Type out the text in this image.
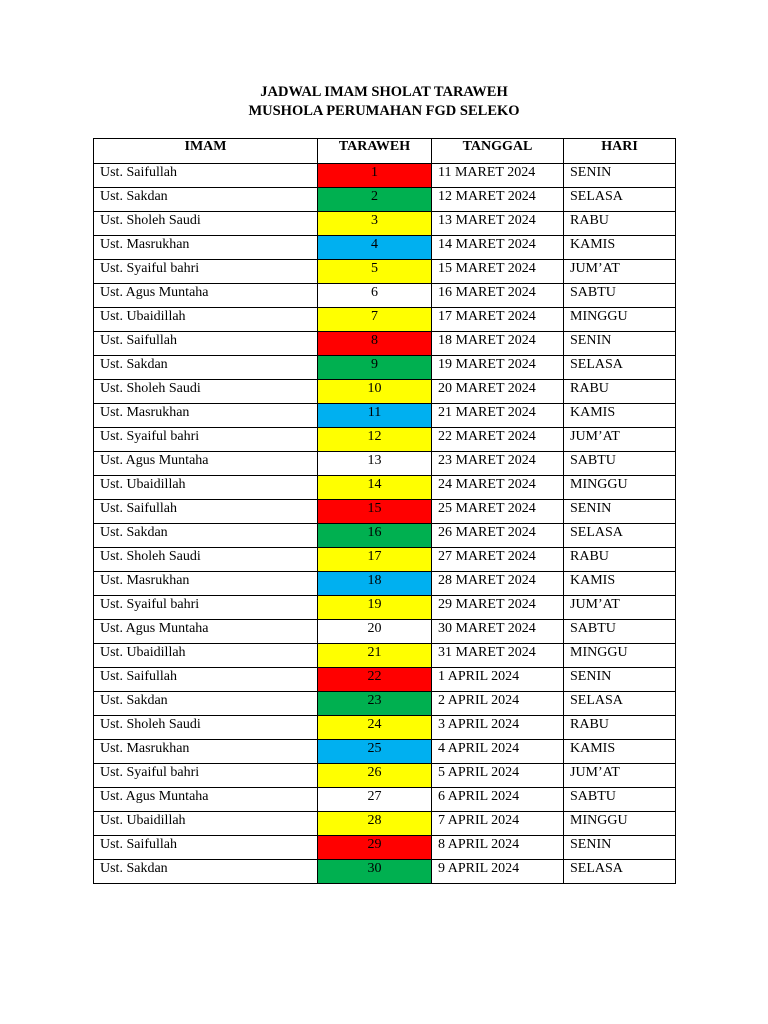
JADWAL IMAM SHOLAT TARAWEH
MUSHOLA PERUMAHAN FGD SELEKO
IMAM	TARAWEH	TANGGAL	HARI
Ust. Saifullah	1	11 MARET 2024	SENIN
Ust. Sakdan	2	12 MARET 2024	SELASA
Ust. Sholeh Saudi	3	13 MARET 2024	RABU
Ust. Masrukhan	4	14 MARET 2024	KAMIS
Ust. Syaiful bahri	5	15 MARET 2024	JUM’AT
Ust. Agus Muntaha	6	16 MARET 2024	SABTU
Ust. Ubaidillah	7	17 MARET 2024	MINGGU
Ust. Saifullah	8	18 MARET 2024	SENIN
Ust. Sakdan	9	19 MARET 2024	SELASA
Ust. Sholeh Saudi	10	20 MARET 2024	RABU
Ust. Masrukhan	11	21 MARET 2024	KAMIS
Ust. Syaiful bahri	12	22 MARET 2024	JUM’AT
Ust. Agus Muntaha	13	23 MARET 2024	SABTU
Ust. Ubaidillah	14	24 MARET 2024	MINGGU
Ust. Saifullah	15	25 MARET 2024	SENIN
Ust. Sakdan	16	26 MARET 2024	SELASA
Ust. Sholeh Saudi	17	27 MARET 2024	RABU
Ust. Masrukhan	18	28 MARET 2024	KAMIS
Ust. Syaiful bahri	19	29 MARET 2024	JUM’AT
Ust. Agus Muntaha	20	30 MARET 2024	SABTU
Ust. Ubaidillah	21	31 MARET 2024	MINGGU
Ust. Saifullah	22	1 APRIL 2024	SENIN
Ust. Sakdan	23	2 APRIL 2024	SELASA
Ust. Sholeh Saudi	24	3 APRIL 2024	RABU
Ust. Masrukhan	25	4 APRIL 2024	KAMIS
Ust. Syaiful bahri	26	5 APRIL 2024	JUM’AT
Ust. Agus Muntaha	27	6 APRIL 2024	SABTU
Ust. Ubaidillah	28	7 APRIL 2024	MINGGU
Ust. Saifullah	29	8 APRIL 2024	SENIN
Ust. Sakdan	30	9 APRIL 2024	SELASA
